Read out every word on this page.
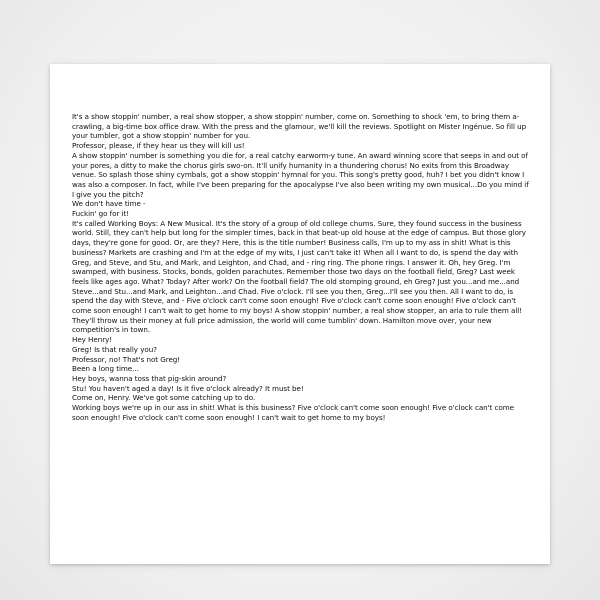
It's a show stoppin' number, a real show stopper, a show stoppin' number, come on. Something to shock 'em, to bring them a-crawling, a big-time box office draw. With the press and the glamour, we'll kill the reviews. Spotlight on Mister Ingénue. So fill up your tumbler, got a show stoppin' number for you.
Professor, please, if they hear us they will kill us!
A show stoppin' number is something you die for, a real catchy earworm-y tune. An award winning score that seeps in and out of your pores, a ditty to make the chorus girls swo-on. It'll unify humanity in a thundering chorus! No exits from this Broadway venue. So splash those shiny cymbals, got a show stoppin' hymnal for you. This song's pretty good, huh? I bet you didn't know I was also a composer. In fact, while I've been preparing for the apocalypse I've also been writing my own musical...Do you mind if I give you the pitch?
We don't have time -
Fuckin' go for it!
It's called Working Boys: A New Musical. It's the story of a group of old college chums. Sure, they found success in the business world. Still, they can't help but long for the simpler times, back in that beat-up old house at the edge of campus. But those glory days, they're gone for good. Or, are they? Here, this is the title number! Business calls, I'm up to my ass in shit! What is this business? Markets are crashing and I'm at the edge of my wits, I just can't take it! When all I want to do, is spend the day with Greg, and Steve, and Stu, and Mark, and Leighton, and Chad, and - ring ring. The phone rings. I answer it. Oh, hey Greg. I'm swamped, with business. Stocks, bonds, golden parachutes. Remember those two days on the football field, Greg? Last week feels like ages ago. What? Today? After work? On the football field? The old stomping ground, eh Greg? Just you...and me...and Steve...and Stu...and Mark, and Leighton...and Chad. Five o'clock. I'll see you then, Greg...I'll see you then. All I want to do, is spend the day with Steve, and - Five o'clock can't come soon enough! Five o'clock can't come soon enough! Five o'clock can't come soon enough! I can't wait to get home to my boys! A show stoppin' number, a real show stopper, an aria to rule them all! They'll throw us their money at full price admission, the world will come tumblin' down. Hamilton move over, your new competition's in town.
Hey Henry!
Greg! Is that really you?
Professor, no! That's not Greg!
Been a long time...
Hey boys, wanna toss that pig-skin around?
Stu! You haven't aged a day! Is it five o'clock already? It must be!
Come on, Henry. We've got some catching up to do.
Working boys we're up in our ass in shit! What is this business? Five o'clock can't come soon enough! Five o'clock can't come soon enough! Five o'clock can't come soon enough! I can't wait to get home to my boys!
